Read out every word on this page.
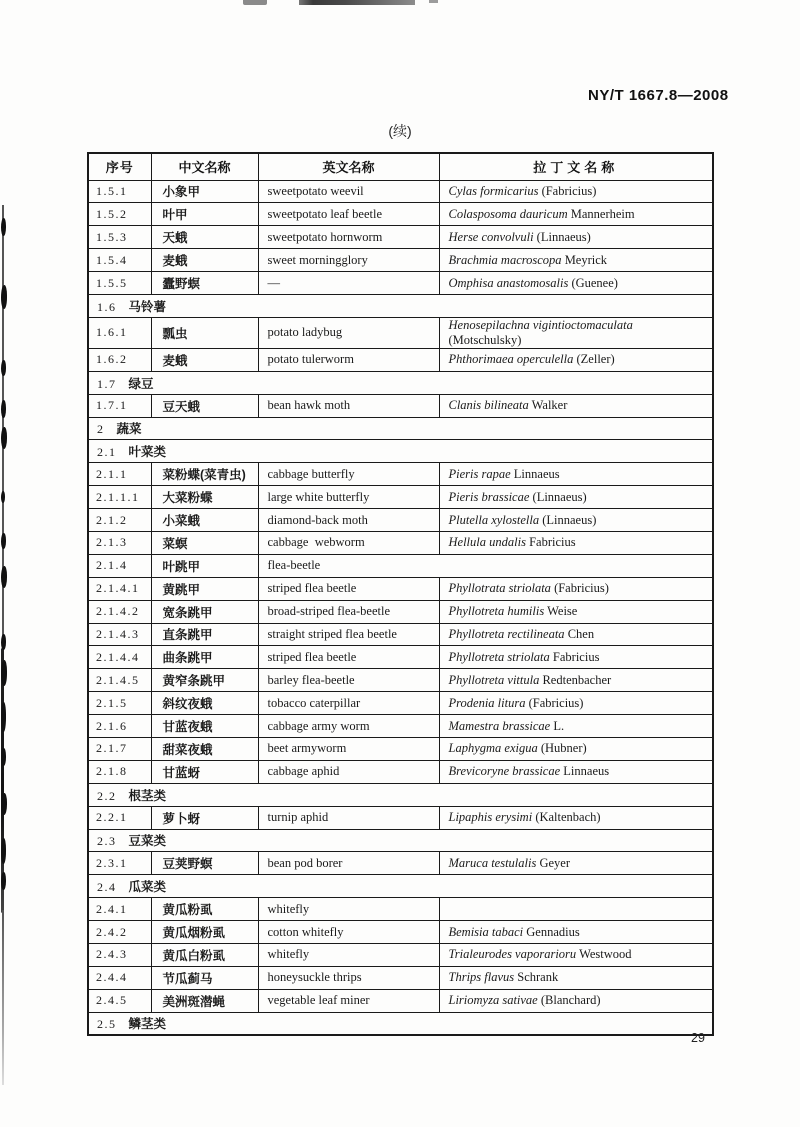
NY/T 1667.8—2008
(续)
序号	中文名称	英文名称	拉丁文名称
1.5.1	小象甲	sweetpotato weevil	Cylas formicarius (Fabricius)
1.5.2	叶甲	sweetpotato leaf beetle	Colasposoma dauricum Mannerheim
1.5.3	天蛾	sweetpotato hornworm	Herse convolvuli (Linnaeus)
1.5.4	麦蛾	sweet morningglory	Brachmia macroscopa Meyrick
1.5.5	蠹野螟	—	Omphisa anastomosalis (Guenee)
1.6 马铃薯			
1.6.1	瓢虫	potato ladybug	Henosepilachna vigintioctomaculata (Motschulsky)
1.6.2	麦蛾	potato tulerworm	Phthorimaea operculella (Zeller)
1.7 绿豆			
1.7.1	豆天蛾	bean hawk moth	Clanis bilineata Walker
2 蔬菜			
2.1 叶菜类			
2.1.1	菜粉蝶(菜青虫)	cabbage butterfly	Pieris rapae Linnaeus
2.1.1.1	大菜粉蝶	large white butterfly	Pieris brassicae (Linnaeus)
2.1.2	小菜蛾	diamond-back moth	Plutella xylostella (Linnaeus)
2.1.3	菜螟	cabbage  webworm	Hellula undalis Fabricius
2.1.4	叶跳甲	flea-beetle	
2.1.4.1	黄跳甲	striped flea beetle	Phyllotrata striolata (Fabricius)
2.1.4.2	宽条跳甲	broad-striped flea-beetle	Phyllotreta humilis Weise
2.1.4.3	直条跳甲	straight striped flea beetle	Phyllotreta rectilineata Chen
2.1.4.4	曲条跳甲	striped flea beetle	Phyllotreta striolata Fabricius
2.1.4.5	黄窄条跳甲	barley flea-beetle	Phyllotreta vittula Redtenbacher
2.1.5	斜纹夜蛾	tobacco caterpillar	Prodenia litura (Fabricius)
2.1.6	甘蓝夜蛾	cabbage army worm	Mamestra brassicae L.
2.1.7	甜菜夜蛾	beet armyworm	Laphygma exigua (Hubner)
2.1.8	甘蓝蚜	cabbage aphid	Brevicoryne brassicae Linnaeus
2.2 根茎类			
2.2.1	萝卜蚜	turnip aphid	Lipaphis erysimi (Kaltenbach)
2.3 豆菜类			
2.3.1	豆荚野螟	bean pod borer	Maruca testulalis Geyer
2.4 瓜菜类			
2.4.1	黄瓜粉虱	whitefly	
2.4.2	黄瓜烟粉虱	cotton whitefly	Bemisia tabaci Gennadius
2.4.3	黄瓜白粉虱	whitefly	Trialeurodes vaporarioru Westwood
2.4.4	节瓜蓟马	honeysuckle thrips	Thrips flavus Schrank
2.4.5	美洲斑潜蝇	vegetable leaf miner	Liriomyza sativae (Blanchard)
2.5 鳞茎类			
29
